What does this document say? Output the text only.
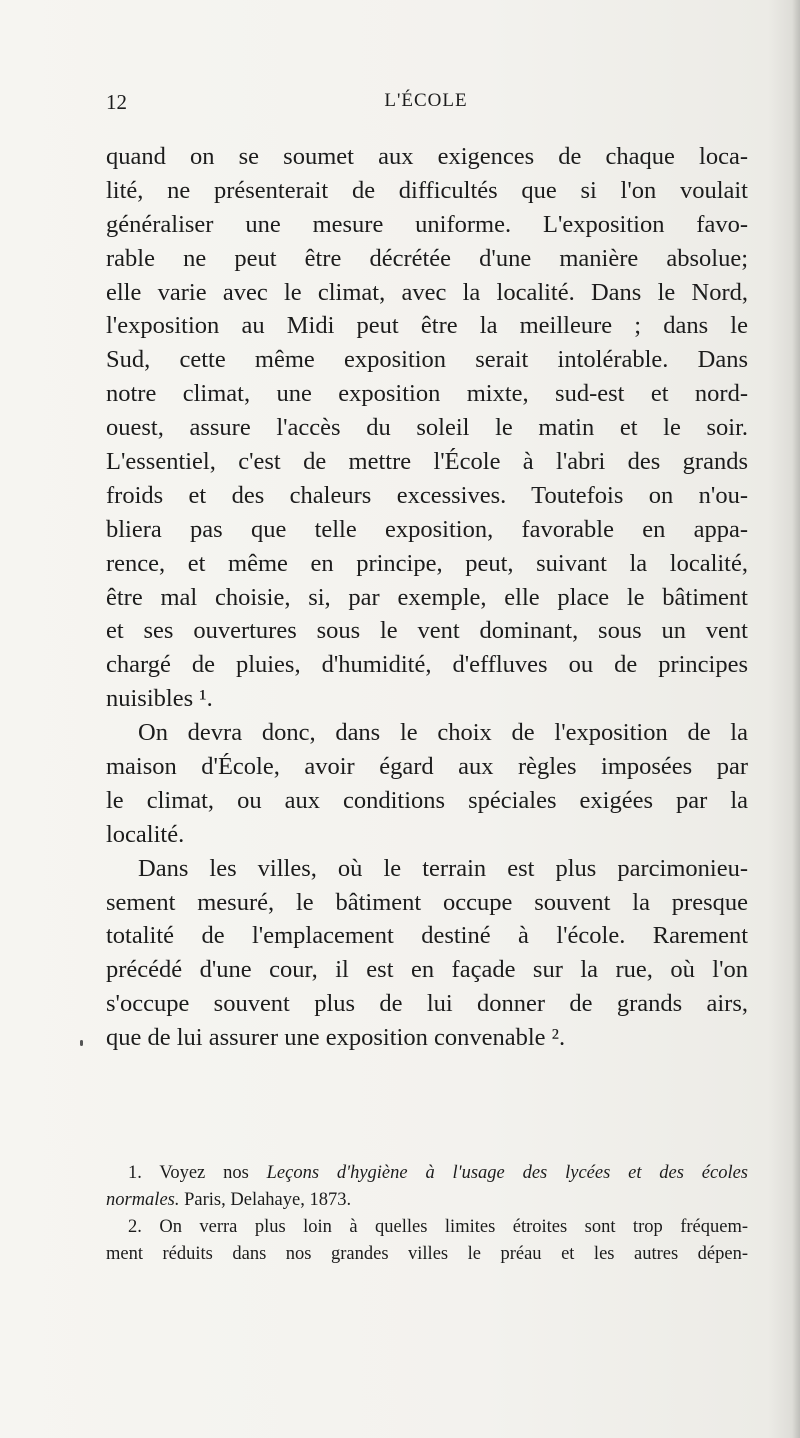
12	L'ÉCOLE
quand on se soumet aux exigences de chaque loca-
lité, ne présenterait de difficultés que si l'on voulait
généraliser une mesure uniforme. L'exposition favo-
rable ne peut être décrétée d'une manière absolue;
elle varie avec le climat, avec la localité. Dans le Nord,
l'exposition au Midi peut être la meilleure ; dans le
Sud, cette même exposition serait intolérable. Dans
notre climat, une exposition mixte, sud-est et nord-
ouest, assure l'accès du soleil le matin et le soir.
L'essentiel, c'est de mettre l'École à l'abri des grands
froids et des chaleurs excessives. Toutefois on n'ou-
bliera pas que telle exposition, favorable en appa-
rence, et même en principe, peut, suivant la localité,
être mal choisie, si, par exemple, elle place le bâtiment
et ses ouvertures sous le vent dominant, sous un vent
chargé de pluies, d'humidité, d'effluves ou de principes
nuisibles ¹.
On devra donc, dans le choix de l'exposition de la
maison d'École, avoir égard aux règles imposées par
le climat, ou aux conditions spéciales exigées par la
localité.
Dans les villes, où le terrain est plus parcimonieu-
sement mesuré, le bâtiment occupe souvent la presque
totalité de l'emplacement destiné à l'école. Rarement
précédé d'une cour, il est en façade sur la rue, où l'on
s'occupe souvent plus de lui donner de grands airs,
que de lui assurer une exposition convenable ².
1. Voyez nos Leçons d'hygiène à l'usage des lycées et des écoles
normales. Paris, Delahaye, 1873.
2. On verra plus loin à quelles limites étroites sont trop fréquem-
ment réduits dans nos grandes villes le préau et les autres dépen-
